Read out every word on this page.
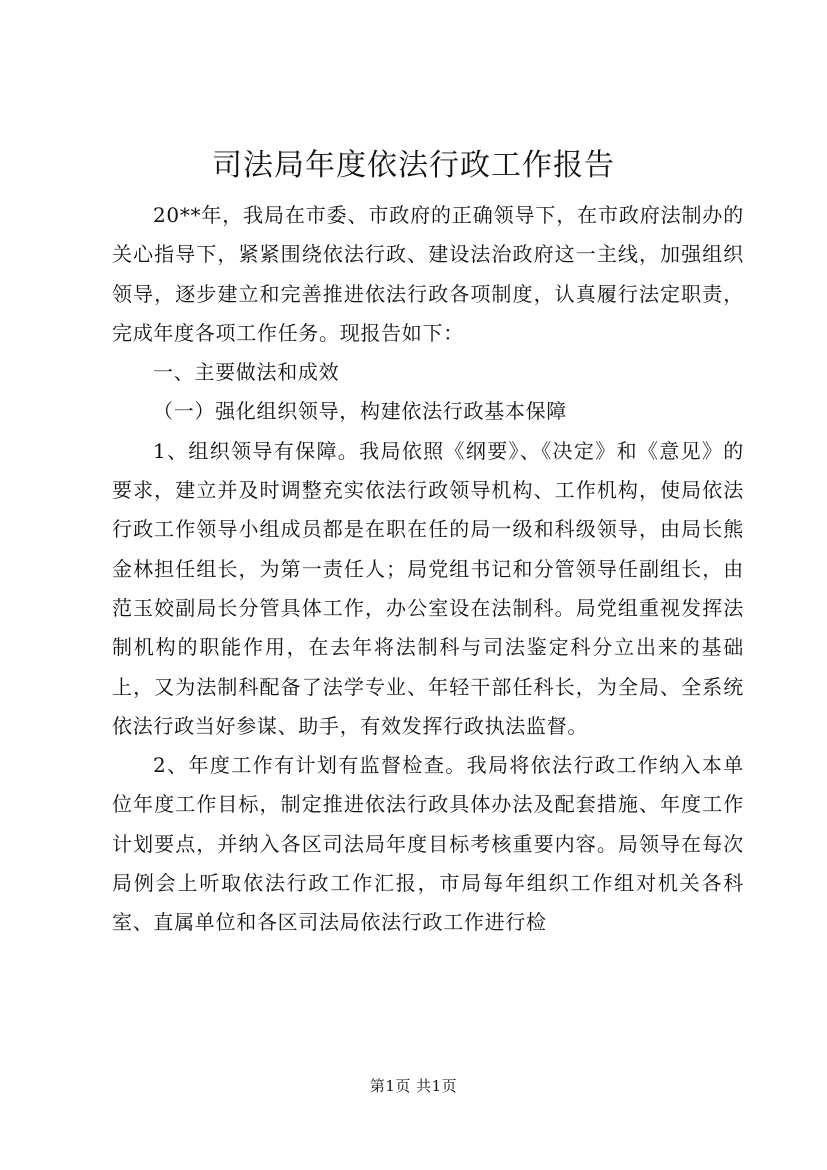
司法局年度依法行政工作报告

20**年，我局在市委、市政府的正确领导下，在市政府法制办的关心指导下，紧紧围绕依法行政、建设法治政府这一主线，加强组织领导，逐步建立和完善推进依法行政各项制度，认真履行法定职责，完成年度各项工作任务。现报告如下：

一、主要做法和成效

（一）强化组织领导，构建依法行政基本保障

1、组织领导有保障。我局依照《纲要》、《决定》和《意见》的要求，建立并及时调整充实依法行政领导机构、工作机构，使局依法行政工作领导小组成员都是在职在任的局一级和科级领导，由局长熊金林担任组长，为第一责任人；局党组书记和分管领导任副组长，由范玉姣副局长分管具体工作，办公室设在法制科。局党组重视发挥法制机构的职能作用，在去年将法制科与司法鉴定科分立出来的基础上，又为法制科配备了法学专业、年轻干部任科长，为全局、全系统依法行政当好参谋、助手，有效发挥行政执法监督。

2、年度工作有计划有监督检查。我局将依法行政工作纳入本单位年度工作目标，制定推进依法行政具体办法及配套措施、年度工作计划要点，并纳入各区司法局年度目标考核重要内容。局领导在每次局例会上听取依法行政工作汇报，市局每年组织工作组对机关各科室、直属单位和各区司法局依法行政工作进行检

第1页 共1页
